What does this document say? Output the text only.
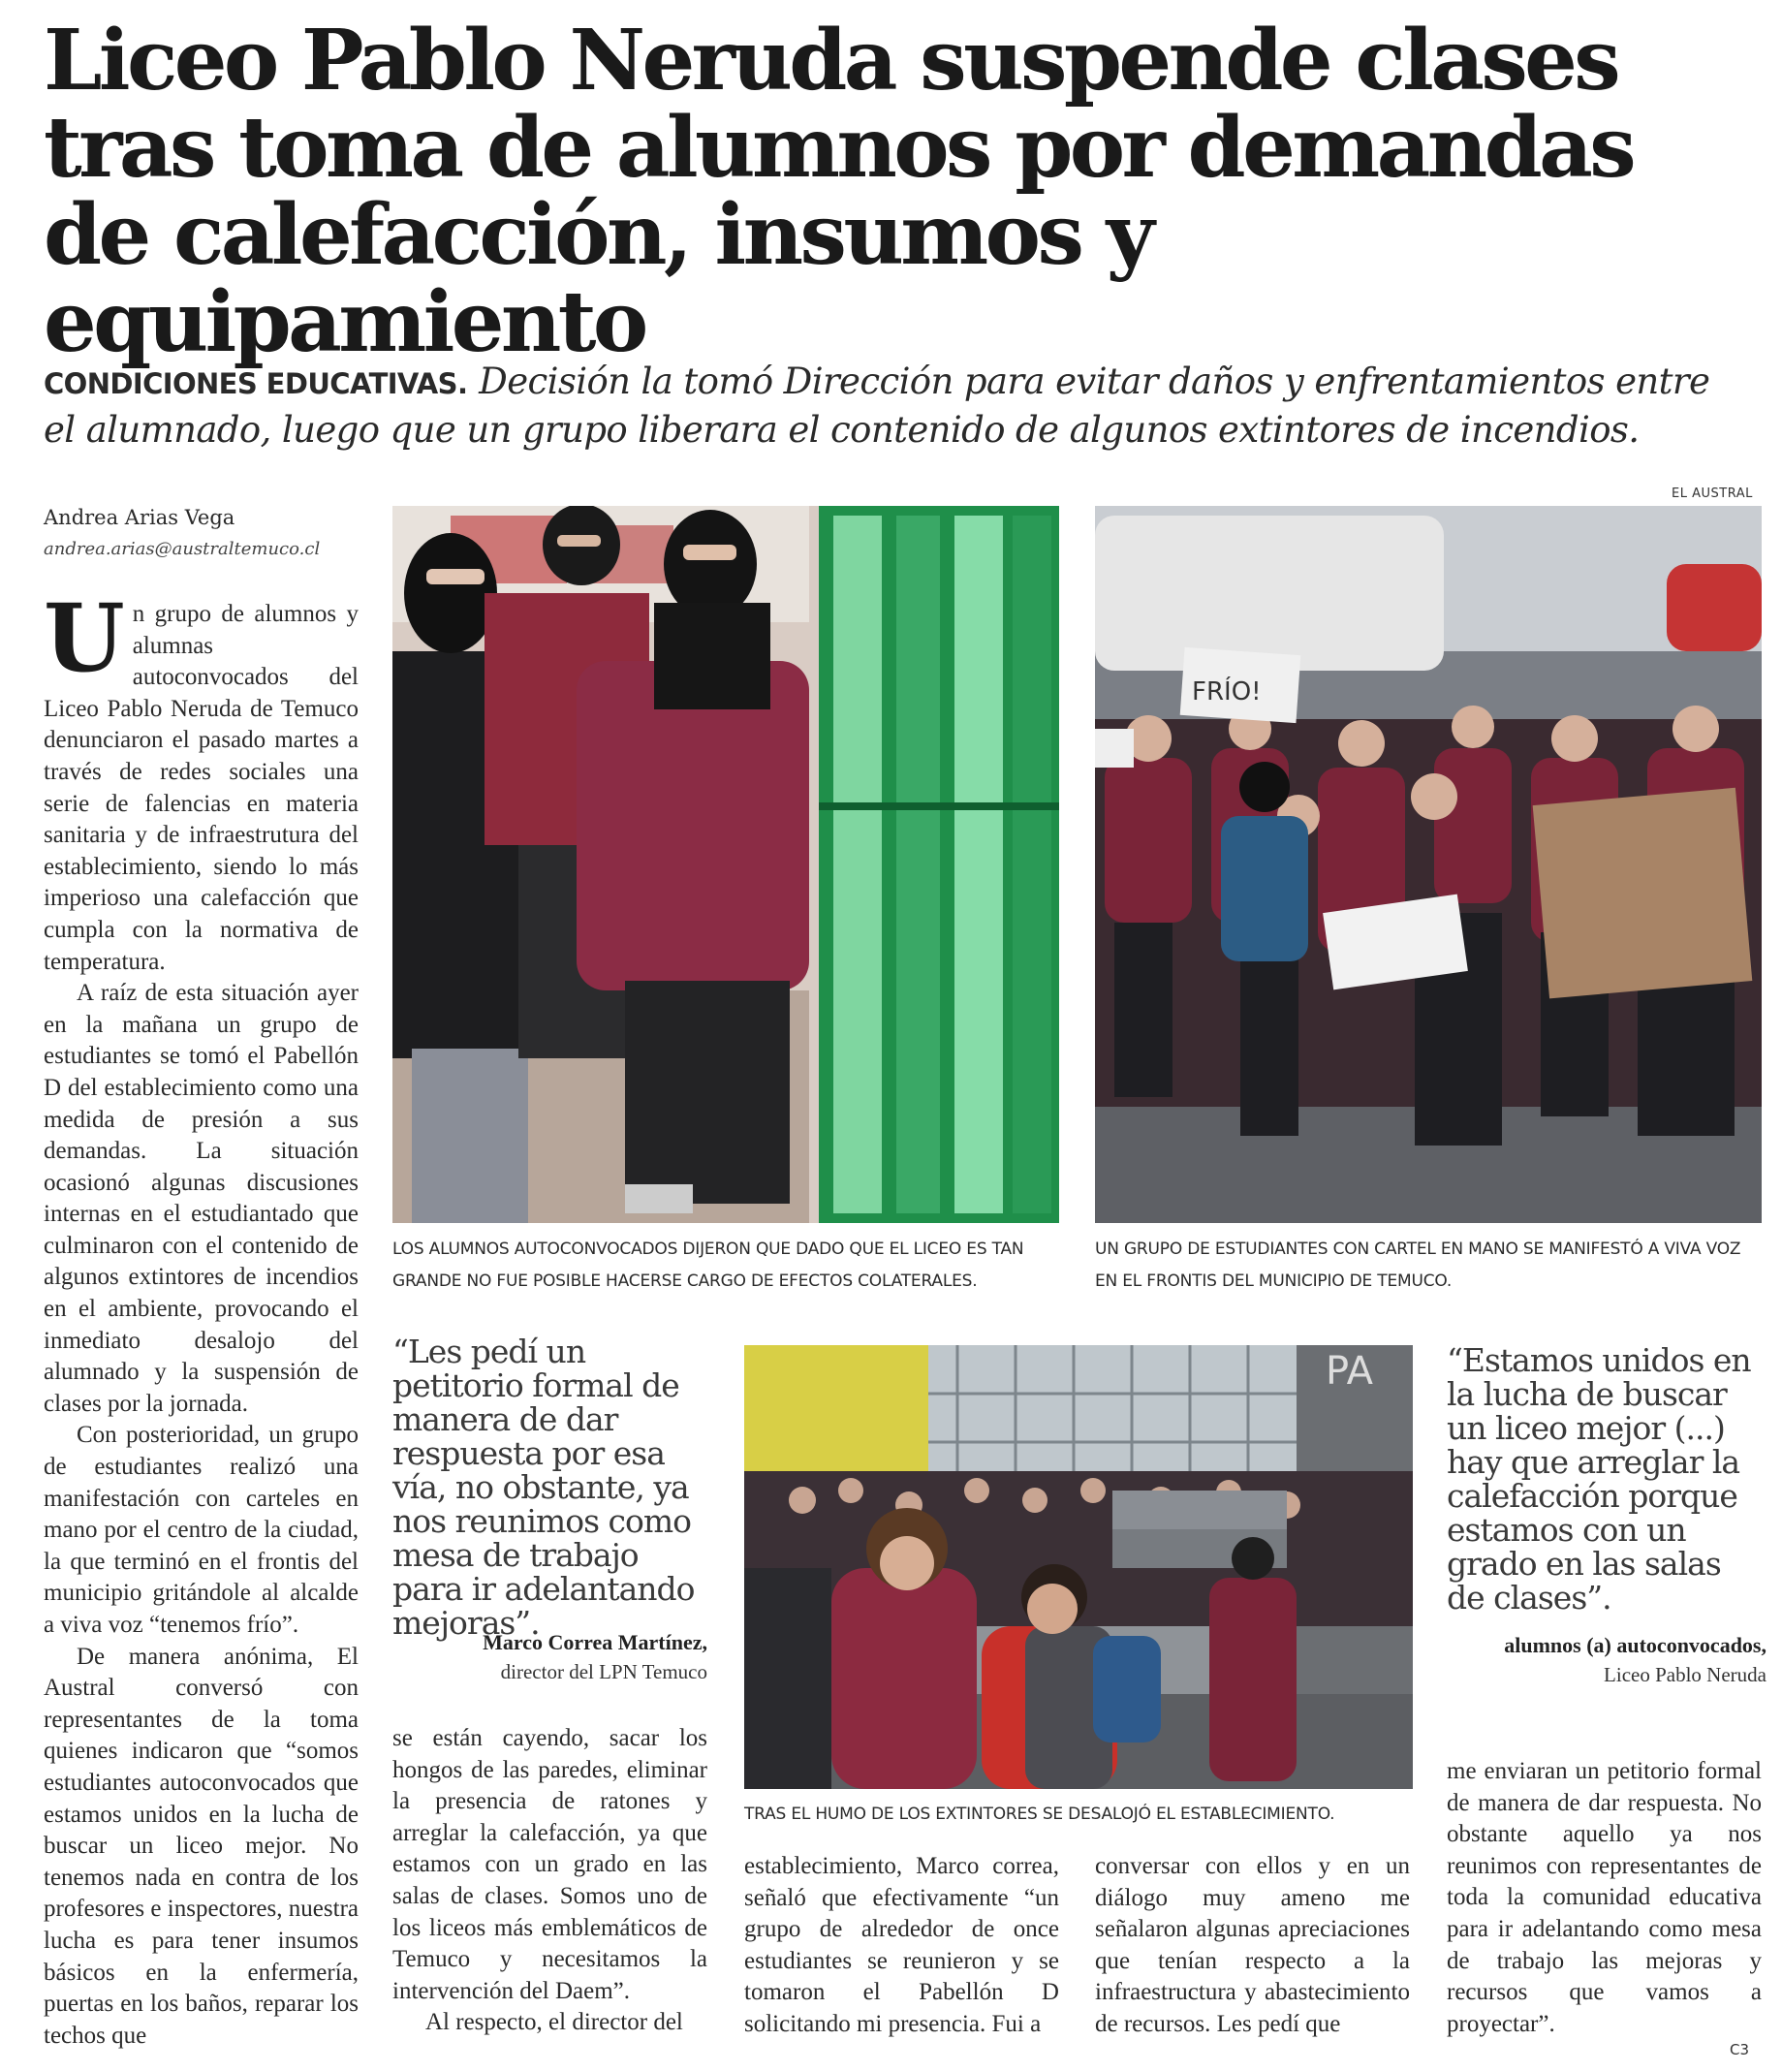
Liceo Pablo Neruda suspende clases tras toma de alumnos por demandas de calefacción, insumos y equipamiento

CONDICIONES EDUCATIVAS. Decisión la tomó Dirección para evitar daños y enfrentamientos entre el alumnado, luego que un grupo liberara el contenido de algunos extintores de incendios.

EL AUSTRAL
Andrea Arias Vega
andrea.arias@australtemuco.cl

Un grupo de alumnos y alumnas autoconvocados del Liceo Pablo Neruda de Temuco denunciaron el pasado martes a través de redes sociales una serie de falencias en materia sanitaria y de infraestrutura del establecimiento, siendo lo más imperioso una calefacción que cumpla con la normativa de temperatura.

A raíz de esta situación ayer en la mañana un grupo de estudiantes se tomó el Pabellón D del establecimiento como una medida de presión a sus demandas. La situación ocasionó algunas discusiones internas en el estudiantado que culminaron con el contenido de algunos extintores de incendios en el ambiente, provocando el inmediato desalojo del alumnado y la suspensión de clases por la jornada.

Con posterioridad, un grupo de estudiantes realizó una manifestación con carteles en mano por el centro de la ciudad, la que terminó en el frontis del municipio gritándole al alcalde a viva voz “tenemos frío”.

De manera anónima, El Austral conversó con representantes de la toma quienes indicaron que “somos estudiantes autoconvocados que estamos unidos en la lucha de buscar un liceo mejor. No tenemos nada en contra de los profesores e inspectores, nuestra lucha es para tener insumos básicos en la enfermería, puertas en los baños, reparar los techos que

LOS ALUMNOS AUTOCONVOCADOS DIJERON QUE DADO QUE EL LICEO ES TAN GRANDE NO FUE POSIBLE HACERSE CARGO DE EFECTOS COLATERALES.
FRÍO!
UN GRUPO DE ESTUDIANTES CON CARTEL EN MANO SE MANIFESTÓ A VIVA VOZ EN EL FRONTIS DEL MUNICIPIO DE TEMUCO.
“Les pedí un petitorio formal de manera de dar respuesta por esa vía, no obstante, ya nos reunimos como mesa de trabajo para ir adelantando mejoras”.
Marco Correa Martínez,
director del LPN Temuco
PA
TRAS EL HUMO DE LOS EXTINTORES SE DESALOJÓ EL ESTABLECIMIENTO.
“Estamos unidos en la lucha de buscar un liceo mejor (...) hay que arreglar la calefacción porque estamos con un grado en las salas de clases”.
alumnos (a) autoconvocados,
Liceo Pablo Neruda

se están cayendo, sacar los hongos de las paredes, eliminar la presencia de ratones y arreglar la calefacción, ya que estamos con un grado en las salas de clases. Somos uno de los liceos más emblemáticos de Temuco y necesitamos la intervención del Daem”.

Al respecto, el director del

establecimiento, Marco correa, señaló que efectivamente “un grupo de alrededor de once estudiantes se reunieron y se tomaron el Pabellón D solicitando mi presencia. Fui a

conversar con ellos y en un diálogo muy ameno me señalaron algunas apreciaciones que tenían respecto a la infraestructura y abastecimiento de recursos. Les pedí que

me enviaran un petitorio formal de manera de dar respuesta. No obstante aquello ya nos reunimos con representantes de toda la comunidad educativa para ir adelantando como mesa de trabajo las mejoras y recursos que vamos a proyectar”.

C3
